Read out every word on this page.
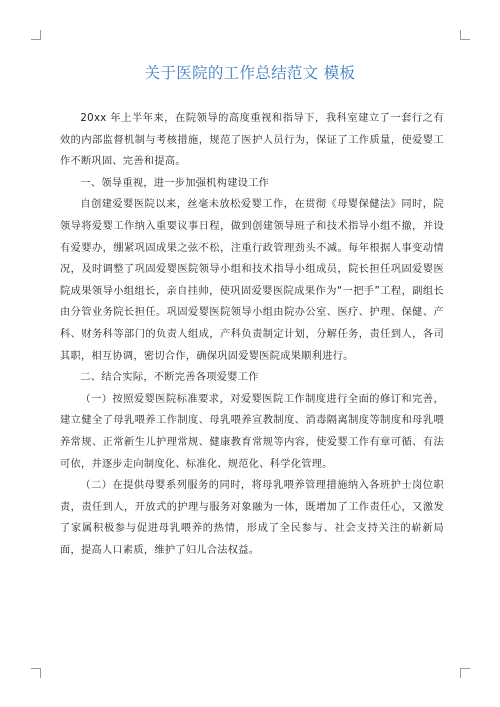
关于医院的工作总结范文 模板

20xx 年上半年来，在院领导的高度重视和指导下，我科室建立了一套行之有效的内部监督机制与考核措施，规范了医护人员行为，保证了工作质量，使爱婴工作不断巩固、完善和提高。

一、领导重视，进一步加强机构建设工作

自创建爱婴医院以来，丝毫未放松爱婴工作，在贯彻《母婴保健法》同时，院领导将爱婴工作纳入重要议事日程，做到创建领导班子和技术指导小组不撤，并设有爱婴办，绷紧巩固成果之弦不松，注重行政管理劲头不减。每年根据人事变动情况，及时调整了巩固爱婴医院领导小组和技术指导小组成员，院长担任巩固爱婴医院成果领导小组组长，亲自挂帅，使巩固爱婴医院成果作为“一把手”工程，副组长由分管业务院长担任。巩固爱婴医院领导小组由院办公室、医疗、护理、保健、产科、财务科等部门的负责人组成，产科负责制定计划，分解任务，责任到人，各司其职，相互协调，密切合作，确保巩固爱婴医院成果顺利进行。

二、结合实际，不断完善各项爱婴工作

（一）按照爱婴医院标准要求，对爱婴医院工作制度进行全面的修订和完善，建立健全了母乳喂养工作制度、母乳喂养宣教制度、消毒隔离制度等制度和母乳喂养常规、正常新生儿护理常规、健康教育常规等内容，使爱婴工作有章可循、有法可依，并逐步走向制度化、标准化、规范化、科学化管理。

（二）在提供母婴系列服务的同时，将母乳喂养管理措施纳入各班护士岗位职责，责任到人，开放式的护理与服务对象融为一体，既增加了工作责任心，又激发了家属积极参与促进母乳喂养的热情，形成了全民参与、社会支持关注的崭新局面，提高人口素质，维护了妇儿合法权益。
